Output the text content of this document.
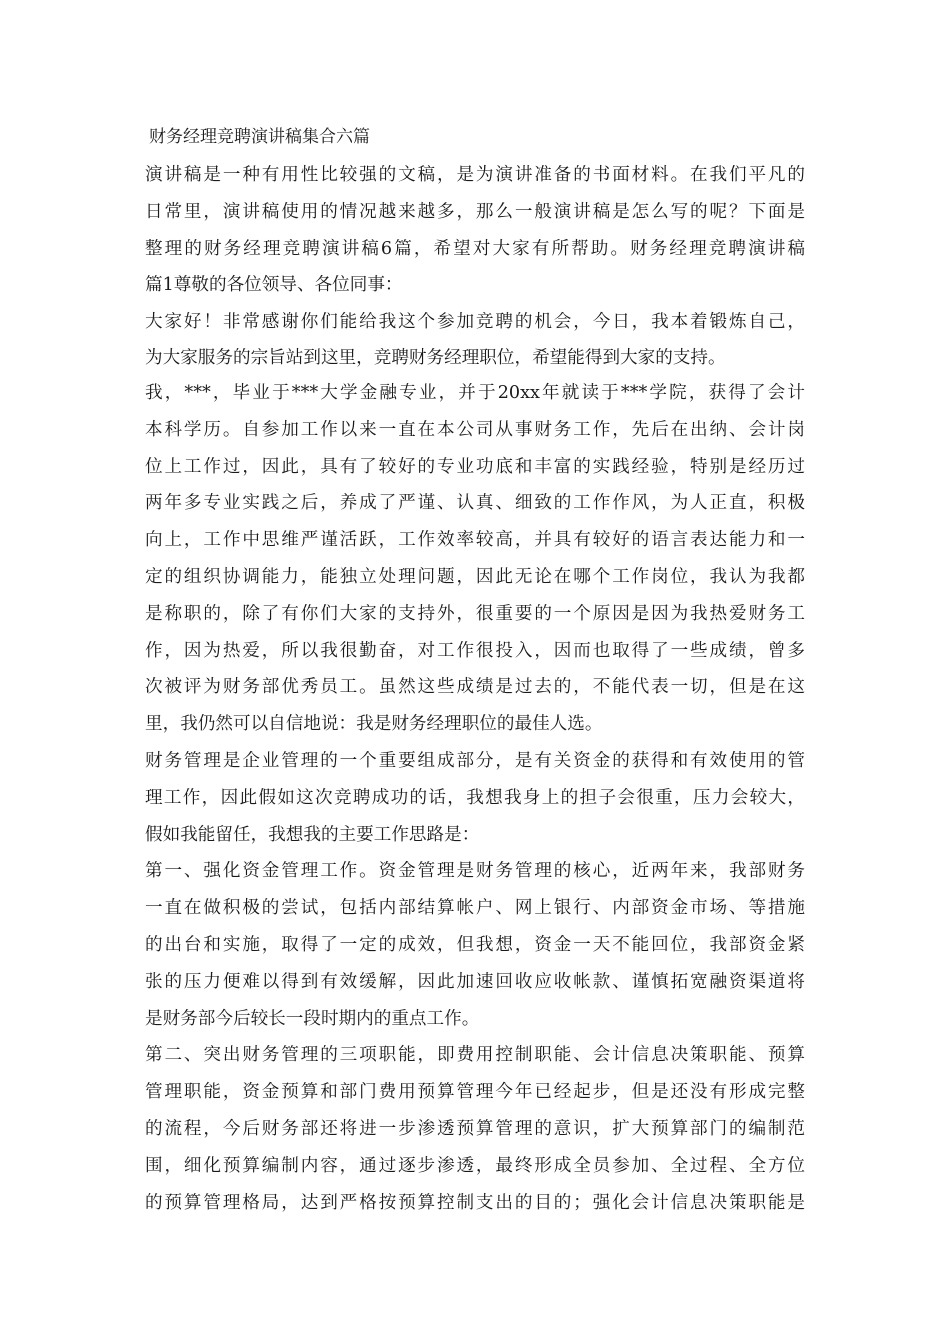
财务经理竞聘演讲稿集合六篇
演讲稿是一种有用性比较强的文稿，是为演讲准备的书面材料。在我们平凡的
日常里，演讲稿使用的情况越来越多，那么一般演讲稿是怎么写的呢？下面是
整理的财务经理竞聘演讲稿6篇，希望对大家有所帮助。财务经理竞聘演讲稿
篇1尊敬的各位领导、各位同事：
大家好！非常感谢你们能给我这个参加竞聘的机会，今日，我本着锻炼自己，
为大家服务的宗旨站到这里，竞聘财务经理职位，希望能得到大家的支持。
我，***，毕业于***大学金融专业，并于20xx年就读于***学院，获得了会计
本科学历。自参加工作以来一直在本公司从事财务工作，先后在出纳、会计岗
位上工作过，因此，具有了较好的专业功底和丰富的实践经验，特别是经历过
两年多专业实践之后，养成了严谨、认真、细致的工作作风，为人正直，积极
向上，工作中思维严谨活跃，工作效率较高，并具有较好的语言表达能力和一
定的组织协调能力，能独立处理问题，因此无论在哪个工作岗位，我认为我都
是称职的，除了有你们大家的支持外，很重要的一个原因是因为我热爱财务工
作，因为热爱，所以我很勤奋，对工作很投入，因而也取得了一些成绩，曾多
次被评为财务部优秀员工。虽然这些成绩是过去的，不能代表一切，但是在这
里，我仍然可以自信地说：我是财务经理职位的最佳人选。
财务管理是企业管理的一个重要组成部分，是有关资金的获得和有效使用的管
理工作，因此假如这次竞聘成功的话，我想我身上的担子会很重，压力会较大，
假如我能留任，我想我的主要工作思路是：
第一、强化资金管理工作。资金管理是财务管理的核心，近两年来，我部财务
一直在做积极的尝试，包括内部结算帐户、网上银行、内部资金市场、等措施
的出台和实施，取得了一定的成效，但我想，资金一天不能回位，我部资金紧
张的压力便难以得到有效缓解，因此加速回收应收帐款、谨慎拓宽融资渠道将
是财务部今后较长一段时期内的重点工作。
第二、突出财务管理的三项职能，即费用控制职能、会计信息决策职能、预算
管理职能，资金预算和部门费用预算管理今年已经起步，但是还没有形成完整
的流程，今后财务部还将进一步渗透预算管理的意识，扩大预算部门的编制范
围，细化预算编制内容，通过逐步渗透，最终形成全员参加、全过程、全方位
的预算管理格局，达到严格按预算控制支出的目的；强化会计信息决策职能是
